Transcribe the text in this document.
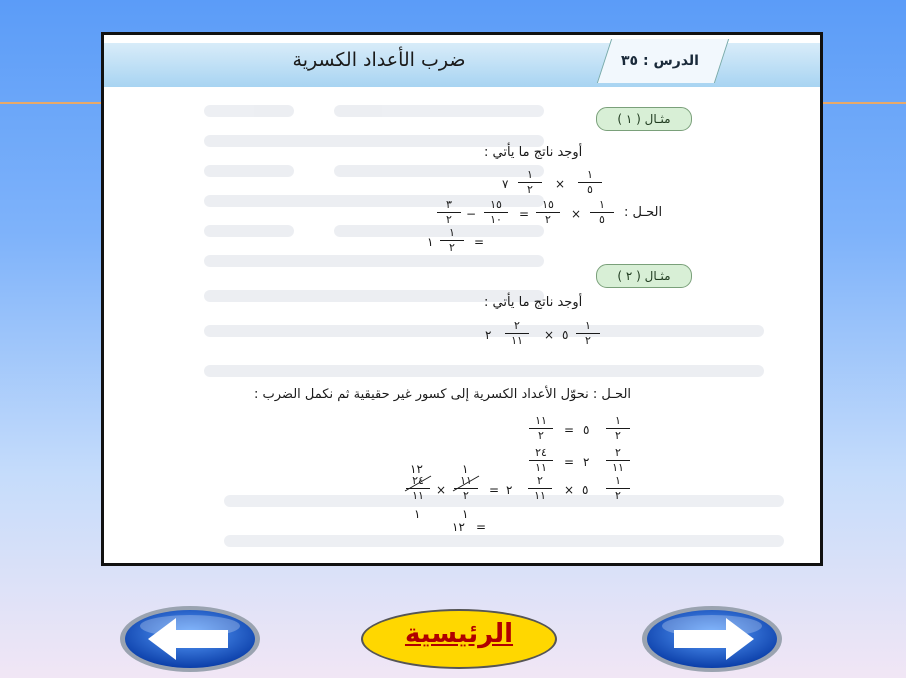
الدرس : ٣٥
ضرب الأعداد الكسرية
مثـال ( ١ )
أوجد ناتج ما يأتي :
٧
١
٢	×
١
٥
٣
٢	−
١٥
١٠	=
١٥
٢	×
١
٥	الحـل :
١
١
٢	=
مثـال ( ٢ )
أوجد ناتج ما يأتي :
٢
٢
١١	× ٥
١
٢
الحـل : نحوّل الأعداد الكسرية إلى كسور غير حقيقية ثم نكمل الضرب :
١١
٢	= ٥
١
٢
٢٤
١١	= ٢
٢
١١
١٢
٢٤
١١
١
×
١
١١
٢
١
= ٢
٢
١١	× ٥
١
٢
١٢ =
الرئيسية
